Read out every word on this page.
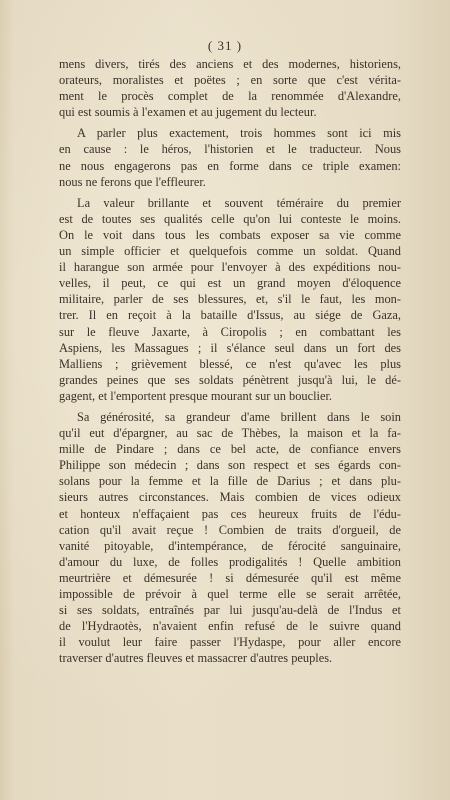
( 31 )
mens divers, tirés des anciens et des modernes, historiens,
orateurs, moralistes et poëtes ; en sorte que c'est vérita-
ment le procès complet de la renommée d'Alexandre,
qui est soumis à l'examen et au jugement du lecteur.
A parler plus exactement, trois hommes sont ici mis
en cause : le héros, l'historien et le traducteur. Nous
ne nous engagerons pas en forme dans ce triple examen:
nous ne ferons que l'effleurer.
La valeur brillante et souvent téméraire du premier
est de toutes ses qualités celle qu'on lui conteste le moins.
On le voit dans tous les combats exposer sa vie comme
un simple officier et quelquefois comme un soldat. Quand
il harangue son armée pour l'envoyer à des expéditions nou-
velles, il peut, ce qui est un grand moyen d'éloquence
militaire, parler de ses blessures, et, s'il le faut, les mon-
trer. Il en reçoit à la bataille d'Issus, au siége de Gaza,
sur le fleuve Jaxarte, à Ciropolis ; en combattant les
Aspiens, les Massagues ; il s'élance seul dans un fort des
Malliens ; grièvement blessé, ce n'est qu'avec les plus
grandes peines que ses soldats pénètrent jusqu'à lui, le dé-
gagent, et l'emportent presque mourant sur un bouclier.
Sa générosité, sa grandeur d'ame brillent dans le soin
qu'il eut d'épargner, au sac de Thèbes, la maison et la fa-
mille de Pindare ; dans ce bel acte, de confiance envers
Philippe son médecin ; dans son respect et ses égards con-
solans pour la femme et la fille de Darius ; et dans plu-
sieurs autres circonstances. Mais combien de vices odieux
et honteux n'effaçaient pas ces heureux fruits de l'édu-
cation qu'il avait reçue ! Combien de traits d'orgueil, de
vanité pitoyable, d'intempérance, de férocité sanguinaire,
d'amour du luxe, de folles prodigalités ! Quelle ambition
meurtrière et démesurée ! si démesurée qu'il est même
impossible de prévoir à quel terme elle se serait arrêtée,
si ses soldats, entraînés par lui jusqu'au-delà de l'Indus et
de l'Hydraotès, n'avaient enfin refusé de le suivre quand
il voulut leur faire passer l'Hydaspe, pour aller encore
traverser d'autres fleuves et massacrer d'autres peuples.
